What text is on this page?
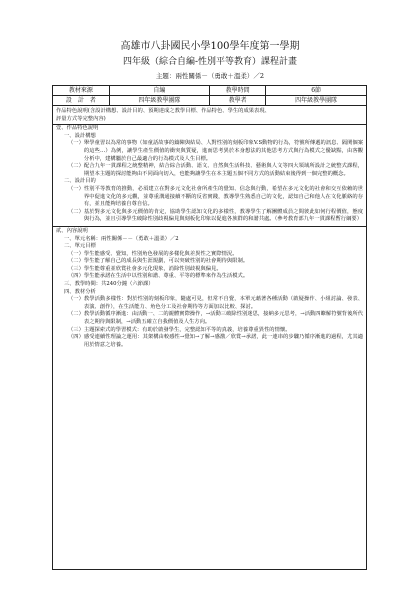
高雄市八卦國民小學100學年度第一學期
四年級（綜合自編-性別平等教育）課程計畫
主題：兩性關係－（勇敢＋溫柔）／2
教材來源	自編	教學時間	6節
設　計　者	四年級教學團隊	教學者	四年級教學團隊

作品特色說明(含設計構想、設計目的、預期達成之教學目標、作品特色、學生的成果表現、

評量方式等完整內容)

壹、作品特色說明

一、設計構想

（一） 舉學童習以為常的事物（如童話故事的鑄陳與結局、人對性別的刻板印象V.S動物的行為，符號所傳遞的訊息、隔閡個案的這些…）為例，讓學生產生價值的衝突與質疑，進而思考異於本身想法的其他思考方式與行為模式之優缺點，由客觀分析中，建構屬於自己最適合的行為模式及人生目標。
（二） 配合九年一貫課程之統整精神，結合綜合活動、語文、自然與生活科技、藝術與人文等四大領域所設計之統整式課程，期望本主題的探討能夠由不同面向切入，也能夠讓學生在本主題五個不同方式的活動結束後得到一個完整的概念。

二、設計目的

（一） 性別平等教育的推動，必須建立在對多元文化社會所產生的覺知、信念與行動，希望在多元文化的社會和交互依賴的世界中促進文化的多元觀，並尊重溝通接續不斷的反省實踐，教導學生熟悉自己的文化，認知自己和他人在文化脈絡的存有，並且能夠培養自尊自信。
（二） 基於對多元文化與多元價值的肯定，協助學生認知文化的多樣性，教導學生了解團體成員之間彼此如何行程價值，態度與行為，並且引導學生破除性別歧視偏見與刻板化印象以促進各族群的和諧共處。（參考教育部九年一貫課程暫行綱要）

貳、內容說明

一、單元名稱：兩性關係－－（勇敢＋溫柔）／2

二、單元目標

（一） 學生能感受、覺知，性別角色發展的多樣化與差異性之實際情況。
（二） 學生能了解自己的成長與生涯規劃，可以突破性別的社會期待與限制。
（三） 學生能尊重並欣賞社會多元化現象，消除性別歧視與偏見。
（四） 學生能承諾在生活中以性別和諧、尊重、平等的標準來作為生活模式。

三、教學時間：共240分鐘（六節課）

四、教材分析

（一） 教學活動多樣性：對於性別的刻板印象，隨處可見，但常不自覺，本單元藉著各種活動（啟疑操作、小組討論、發表、表演、創作），在生活能力、角色分工及社會期待等方面加以比較、探討。
（二） 教學活動循序漸進：由活動一、二的親體實際操作，→活動三破除性別迷思，接納多元思考，→活動四瞭解符號背後所代表之期待與限制，→活動五確立自我價值及人生方向。
（三） 主題探索式的學習模式：有助於啟發學生，完整認知平等的真義，培養尊重異性的情懷。
（四） 感受連續性理論之運用：其架構由較感性→覺知→了解→感激／欣賞→承諾，此一連串的步驟乃循序漸進的過程，尤其適用於情意之培養。
